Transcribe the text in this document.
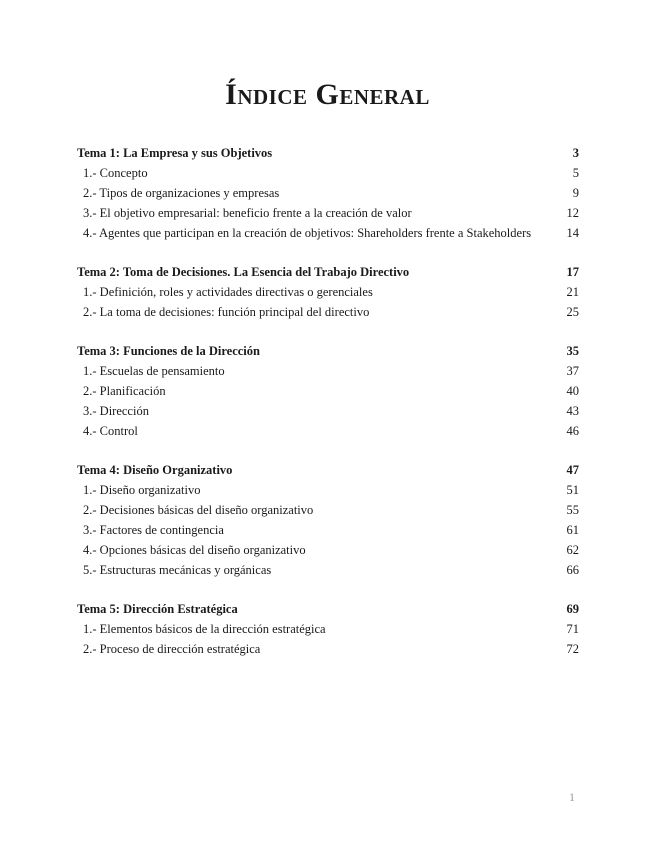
Índice General
Tema 1: La Empresa y sus Objetivos	3
1.- Concepto	5
2.- Tipos de organizaciones y empresas	9
3.- El objetivo empresarial: beneficio frente a la creación de valor	12
4.- Agentes que participan en la creación de objetivos: Shareholders frente a Stakeholders	14
Tema 2: Toma de Decisiones. La Esencia del Trabajo Directivo	17
1.- Definición, roles y actividades directivas o gerenciales	21
2.- La toma de decisiones: función principal del directivo	25
Tema 3: Funciones de la Dirección	35
1.- Escuelas de pensamiento	37
2.- Planificación	40
3.- Dirección	43
4.- Control	46
Tema 4: Diseño Organizativo	47
1.- Diseño organizativo	51
2.- Decisiones básicas del diseño organizativo	55
3.- Factores de contingencia	61
4.- Opciones básicas del diseño organizativo	62
5.- Estructuras mecánicas y orgánicas	66
Tema 5: Dirección Estratégica	69
1.- Elementos básicos de la dirección estratégica	71
2.- Proceso de dirección estratégica	72
1
